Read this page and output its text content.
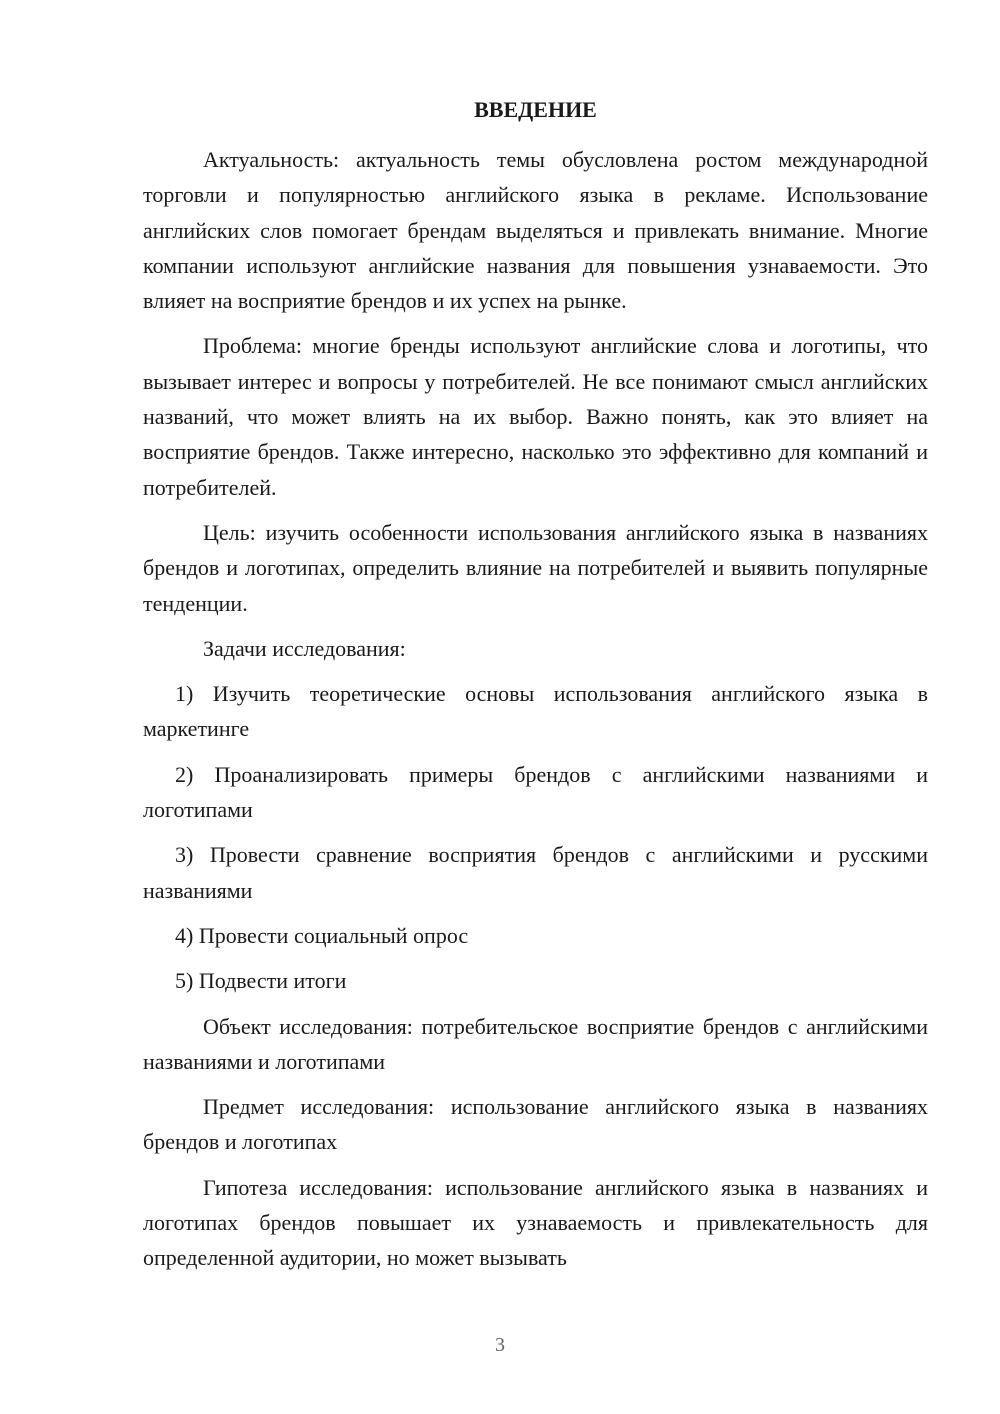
ВВЕДЕНИЕ

Актуальность: актуальность темы обусловлена ростом международной торговли и популярностью английского языка в рекламе. Использование английских слов помогает брендам выделяться и привлекать внимание. Многие компании используют английские названия для повышения узнаваемости. Это влияет на восприятие брендов и их успех на рынке.

Проблема: многие бренды используют английские слова и логотипы, что вызывает интерес и вопросы у потребителей. Не все понимают смысл английских названий, что может влиять на их выбор. Важно понять, как это влияет на восприятие брендов. Также интересно, насколько это эффективно для компаний и потребителей.

Цель: изучить особенности использования английского языка в названиях брендов и логотипах, определить влияние на потребителей и выявить популярные тенденции.

Задачи исследования:

1) Изучить теоретические основы использования английского языка в маркетинге

2) Проанализировать примеры брендов с английскими названиями и логотипами

3) Провести сравнение восприятия брендов с английскими и русскими названиями

4) Провести социальный опрос

5) Подвести итоги

Объект исследования: потребительское восприятие брендов с английскими названиями и логотипами

Предмет исследования: использование английского языка в названиях брендов и логотипах

Гипотеза исследования: использование английского языка в названиях и логотипах брендов повышает их узнаваемость и привлекательность для определенной аудитории, но может вызывать

3
